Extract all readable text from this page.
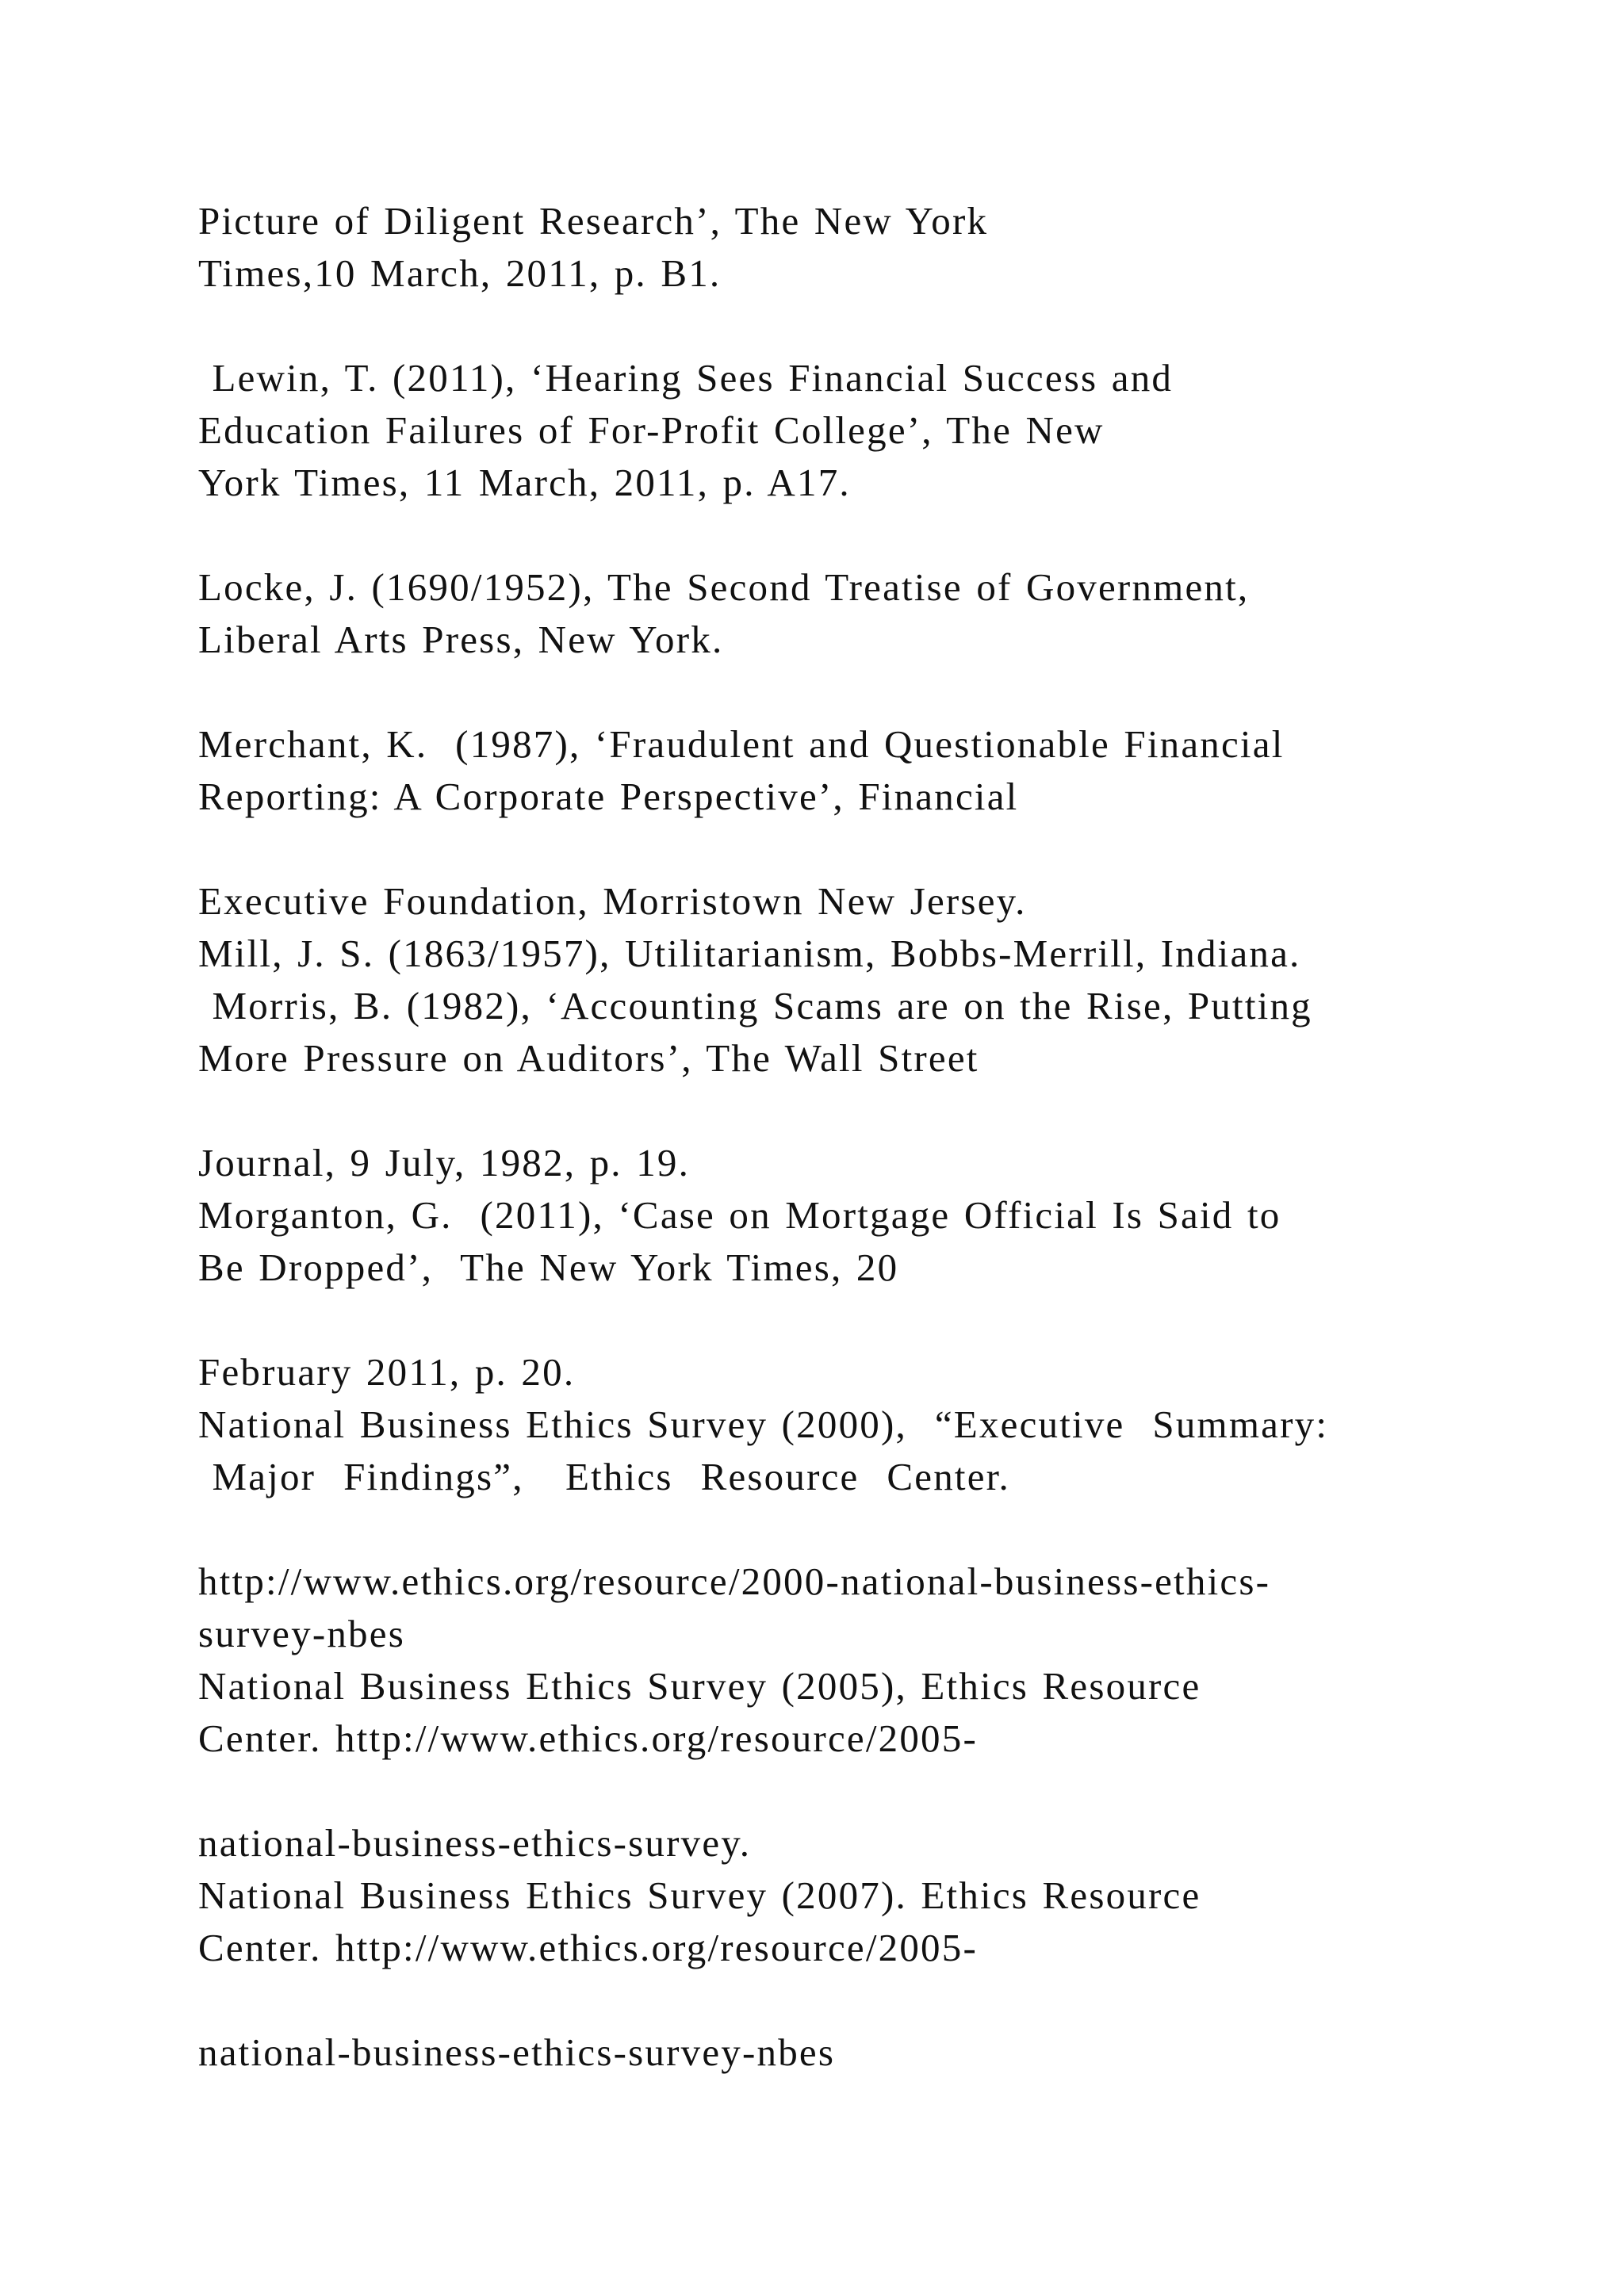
Picture of Diligent Research’, The New York
Times,10 March, 2011, p. B1.
Lewin, T. (2011), ‘Hearing Sees Financial Success and
Education Failures of For-Profit College’, The New
York Times, 11 March, 2011, p. A17.
Locke, J. (1690/1952), The Second Treatise of Government,
Liberal Arts Press, New York.
Merchant, K.  (1987), ‘Fraudulent and Questionable Financial
Reporting: A Corporate Perspective’, Financial
Executive Foundation, Morristown New Jersey.
Mill, J. S. (1863/1957), Utilitarianism, Bobbs-Merrill, Indiana.
Morris, B. (1982), ‘Accounting Scams are on the Rise, Putting
More Pressure on Auditors’, The Wall Street
Journal, 9 July, 1982, p. 19.
Morganton, G.  (2011), ‘Case on Mortgage Official Is Said to
Be Dropped’,  The New York Times, 20
February 2011, p. 20.
National Business Ethics Survey (2000),  “Executive  Summary:
Major  Findings”,   Ethics  Resource  Center.
http://www.ethics.org/resource/2000-national-business-ethics-
survey-nbes
National Business Ethics Survey (2005), Ethics Resource
Center. http://www.ethics.org/resource/2005-
national-business-ethics-survey.
National Business Ethics Survey (2007). Ethics Resource
Center. http://www.ethics.org/resource/2005-
national-business-ethics-survey-nbes
